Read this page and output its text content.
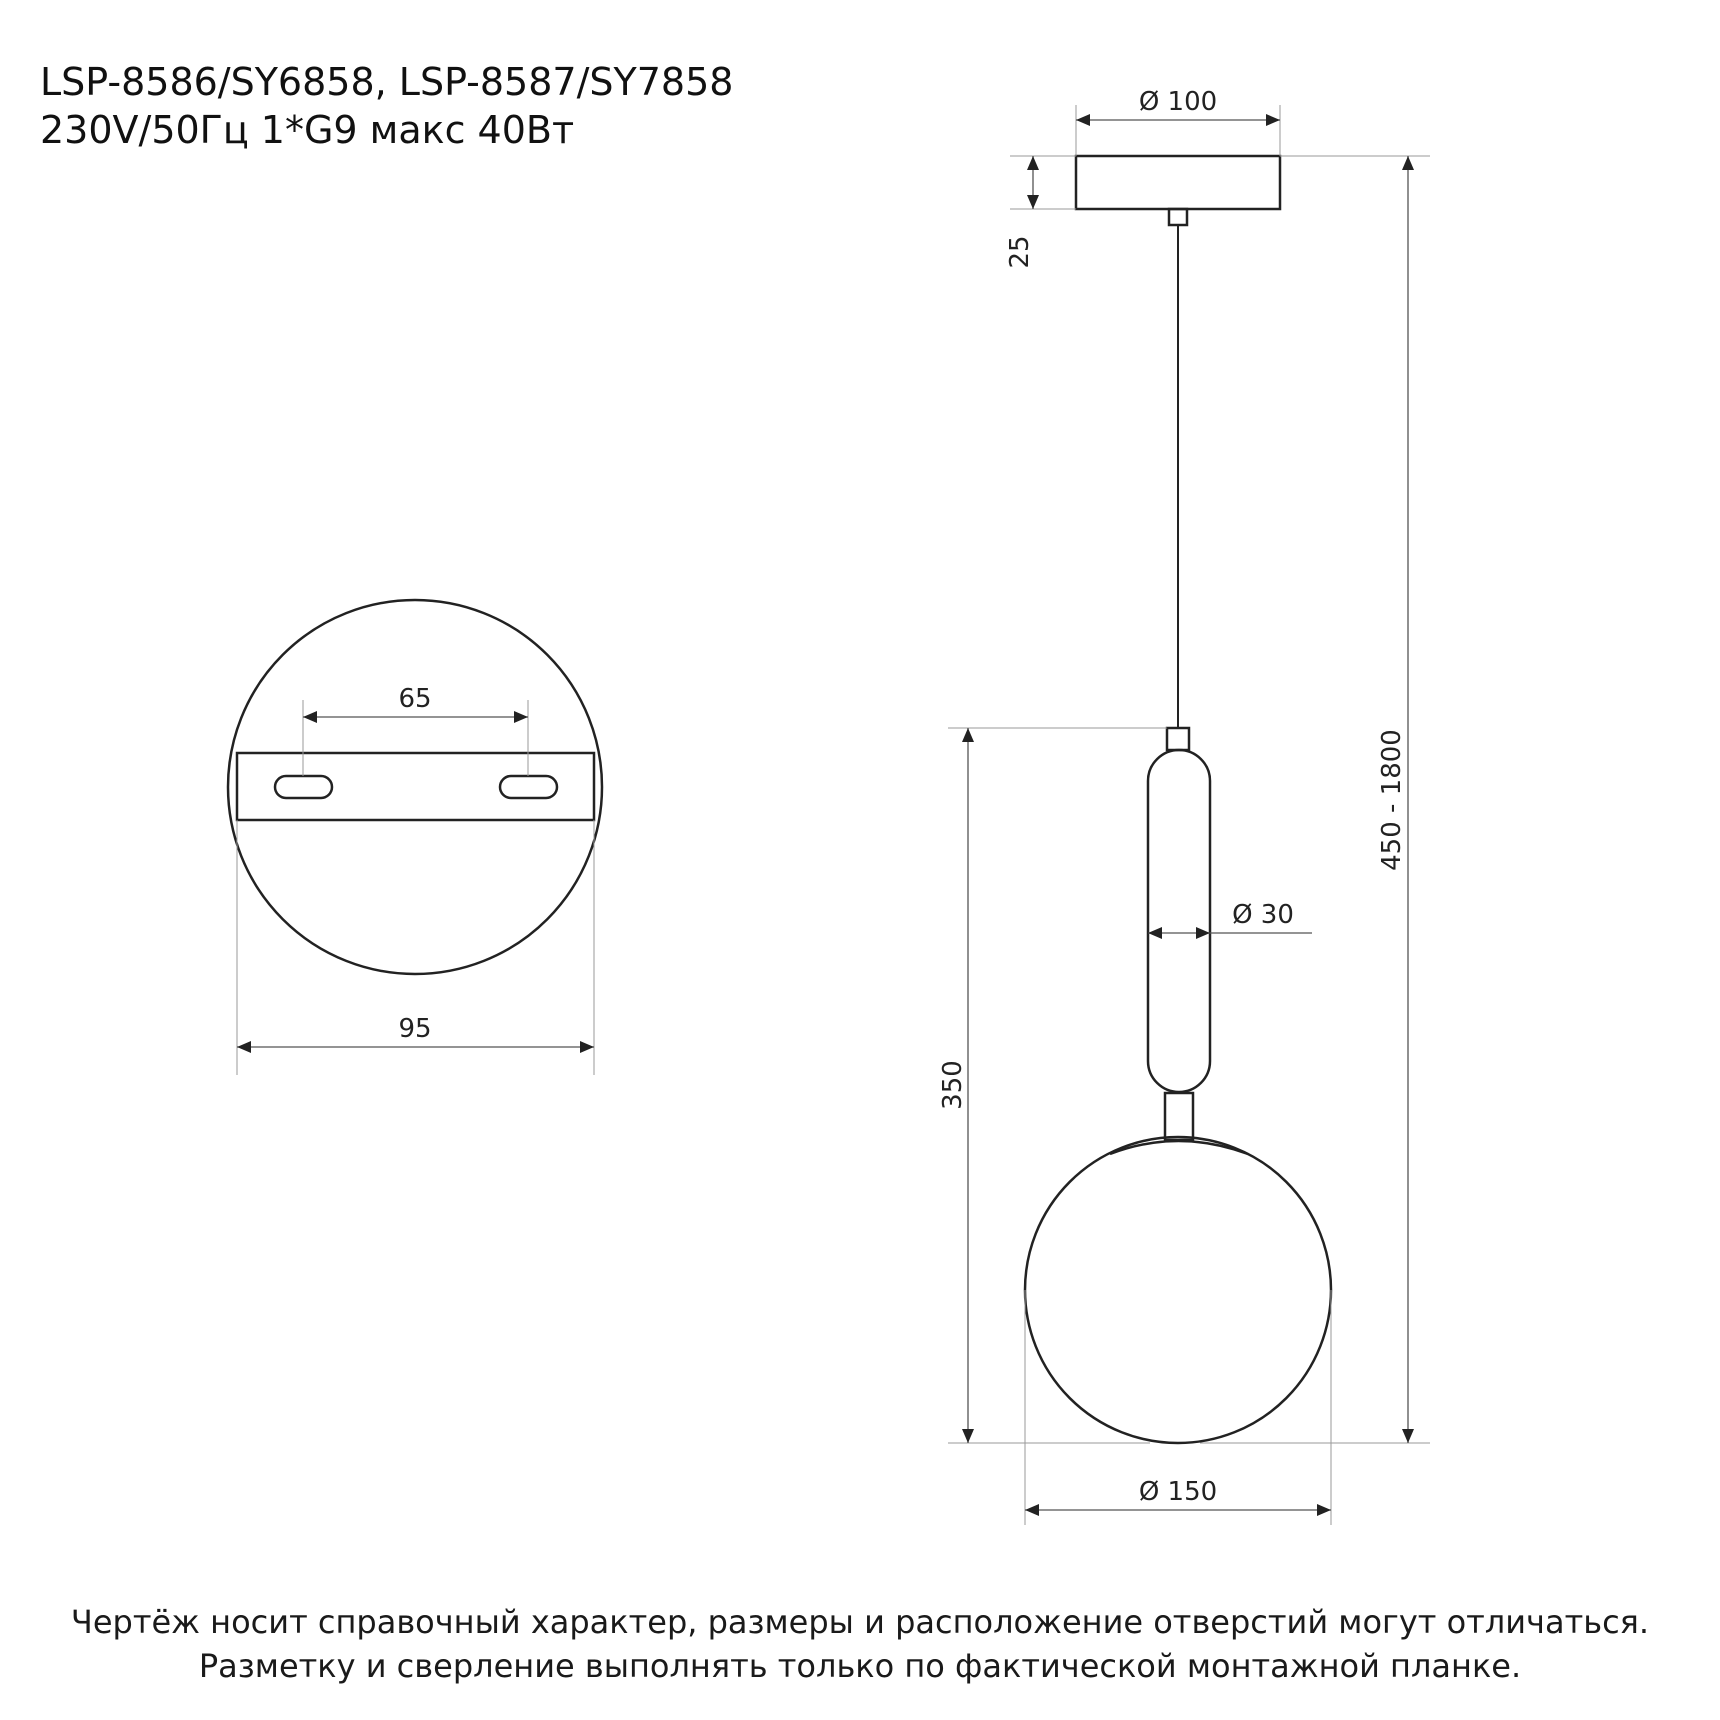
LSP-8586/SY6858, LSP-8587/SY7858
230V/50Гц 1*G9 макс 40Вт
65
95
Ø 100
25
450 - 1800
350
Ø 30
Ø 150
Чертёж носит справочный характер, размеры и расположение отверстий могут отличаться.
Разметку и сверление выполнять только по фактической монтажной планке.
